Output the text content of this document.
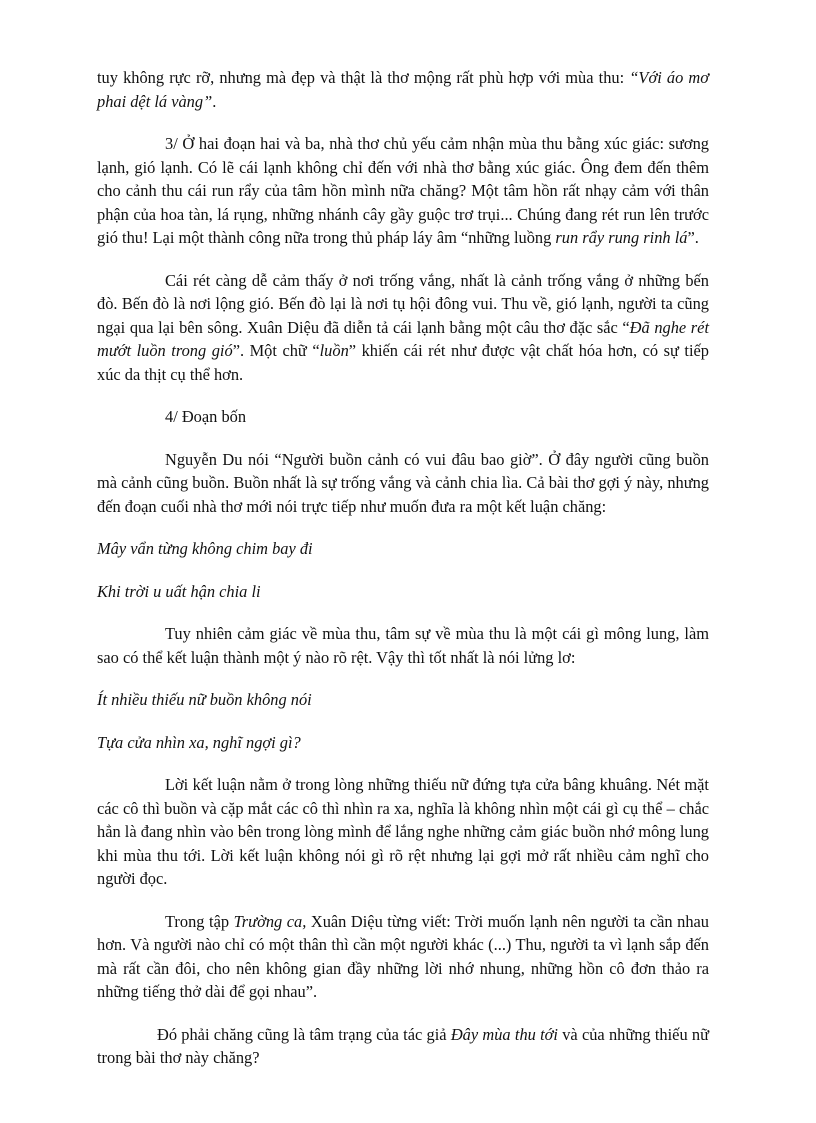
tuy không rực rỡ, nhưng mà đẹp và thật là thơ mộng rất phù hợp với mùa thu: “Với áo mơ phai dệt lá vàng”.

3/ Ở hai đoạn hai và ba, nhà thơ chủ yếu cảm nhận mùa thu bằng xúc giác: sương lạnh, gió lạnh. Có lẽ cái lạnh không chỉ đến với nhà thơ bằng xúc giác. Ông đem đến thêm cho cảnh thu cái run rẩy của tâm hồn mình nữa chăng? Một tâm hồn rất nhạy cảm với thân phận của hoa tàn, lá rụng, những nhánh cây gầy guộc trơ trụi... Chúng đang rét run lên trước gió thu! Lại một thành công nữa trong thủ pháp láy âm “những luồng run rẩy rung rinh lá”.

Cái rét càng dễ cảm thấy ở nơi trống vắng, nhất là cảnh trống vắng ở những bến đò. Bến đò là nơi lộng gió. Bến đò lại là nơi tụ hội đông vui. Thu về, gió lạnh, người ta cũng ngại qua lại bên sông. Xuân Diệu đã diễn tả cái lạnh bằng một câu thơ đặc sắc “Đã nghe rét mướt luồn trong gió”. Một chữ “luồn” khiến cái rét như được vật chất hóa hơn, có sự tiếp xúc da thịt cụ thể hơn.

4/ Đoạn bốn

Nguyễn Du nói “Người buồn cảnh có vui đâu bao giờ”. Ở đây người cũng buồn mà cảnh cũng buồn. Buồn nhất là sự trống vắng và cảnh chia lìa. Cả bài thơ gợi ý này, nhưng đến đoạn cuối nhà thơ mới nói trực tiếp như muốn đưa ra một kết luận chăng:

Mây vẩn từng không chim bay đi

Khi trời u uất hận chia li

Tuy nhiên cảm giác về mùa thu, tâm sự về mùa thu là một cái gì mông lung, làm sao có thể kết luận thành một ý nào rõ rệt. Vậy thì tốt nhất là nói lửng lơ:

Ít nhiều thiếu nữ buồn không nói

Tựa cửa nhìn xa, nghĩ ngợi gì?

Lời kết luận nằm ở trong lòng những thiếu nữ đứng tựa cửa bâng khuâng. Nét mặt các cô thì buồn và cặp mắt các cô thì nhìn ra xa, nghĩa là không nhìn một cái gì cụ thể – chắc hẳn là đang nhìn vào bên trong lòng mình để lắng nghe những cảm giác buồn nhớ mông lung khi mùa thu tới. Lời kết luận không nói gì rõ rệt nhưng lại gợi mở rất nhiều cảm nghĩ cho người đọc.

Trong tập Trường ca, Xuân Diệu từng viết: Trời muốn lạnh nên người ta cần nhau hơn. Và người nào chỉ có một thân thì cần một người khác (...) Thu, người ta vì lạnh sắp đến mà rất cần đôi, cho nên không gian đầy những lời nhớ nhung, những hồn cô đơn thảo ra những tiếng thở dài để gọi nhau”.

Đó phải chăng cũng là tâm trạng của tác giả Đây mùa thu tới và của những thiếu nữ trong bài thơ này chăng?
